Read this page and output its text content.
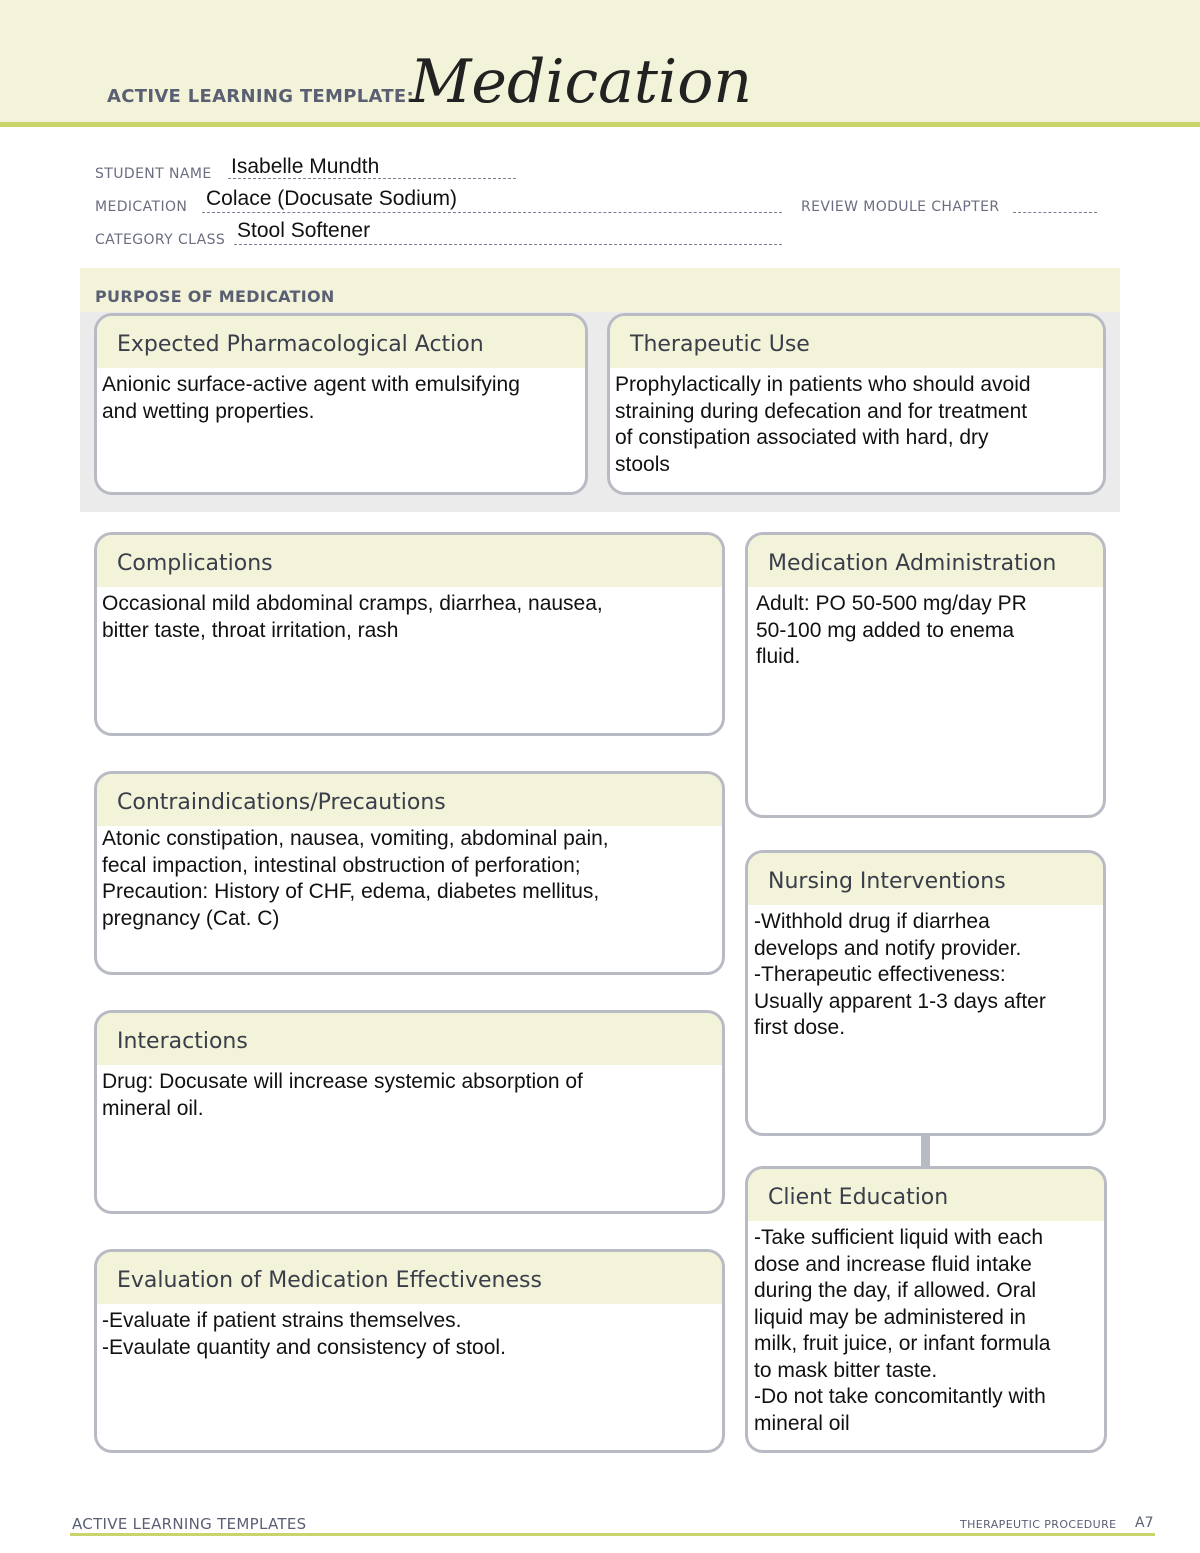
ACTIVE LEARNING TEMPLATE:
Medication
STUDENT NAME Isabelle Mundth
MEDICATION Colace (Docusate Sodium)	REVIEW MODULE CHAPTER
CATEGORY CLASS Stool Softener
PURPOSE OF MEDICATION
Expected Pharmacological Action
Anionic surface-active agent with emulsifying
and wetting properties.
Therapeutic Use
Prophylactically in patients who should avoid
straining during defecation and for treatment
of constipation associated with hard, dry
stools
Complications
Occasional mild abdominal cramps, diarrhea, nausea,
bitter taste, throat irritation, rash
Contraindications/Precautions
Atonic constipation, nausea, vomiting, abdominal pain,
fecal impaction, intestinal obstruction of perforation;
Precaution: History of CHF, edema, diabetes mellitus,
pregnancy (Cat. C)
Interactions
Drug: Docusate will increase systemic absorption of
mineral oil.
Evaluation of Medication Effectiveness
-Evaluate if patient strains themselves.
-Evaulate quantity and consistency of stool.
Medication Administration
Adult: PO 50-500 mg/day PR
50-100 mg added to enema
fluid.
Nursing Interventions
-Withhold drug if diarrhea
develops and notify provider.
-Therapeutic effectiveness:
Usually apparent 1-3 days after
first dose.
Client Education
-Take sufficient liquid with each
dose and increase fluid intake
during the day, if allowed. Oral
liquid may be administered in
milk, fruit juice, or infant formula
to mask bitter taste.
-Do not take concomitantly with
mineral oil
ACTIVE LEARNING TEMPLATES	THERAPEUTIC PROCEDURE A7
